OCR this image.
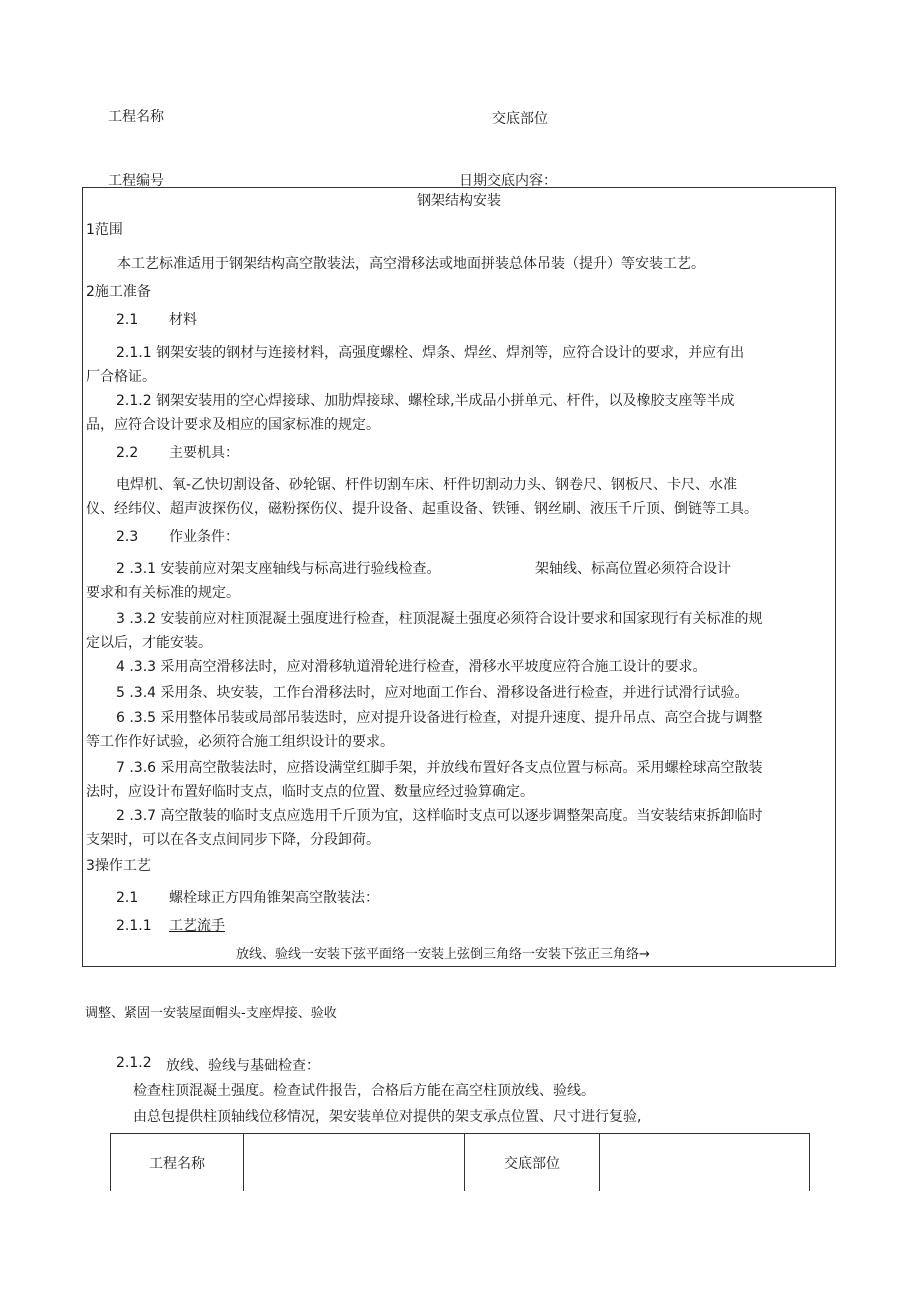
工程名称	交底部位
工程编号	日期交底内容：
钢架结构安装
1范围
本工艺标准适用于钢架结构高空散装法，高空滑移法或地面拼装总体吊装（提升）等安装工艺。
2施工准备
2.1 材料
2.1.1 钢架安装的钢材与连接材料，高强度螺栓、焊条、焊丝、焊剂等，应符合设计的要求，并应有出
厂合格证。
2.1.2 钢架安装用的空心焊接球、加肋焊接球、螺栓球,半成品小拼单元、杆件，以及橡胶支座等半成
品，应符合设计要求及相应的国家标准的规定。
2.2 主要机具：
电焊机、氧-乙快切割设备、砂轮锯、杆件切割车床、杆件切割动力头、钢卷尺、钢板尺、卡尺、水准
仪、经纬仪、超声波探伤仪，磁粉探伤仪、提升设备、起重设备、铁锤、钢丝刷、液压千斤顶、倒链等工具。
2.3 作业条件：
2 .3.1 安装前应对架支座轴线与标高进行验线检查。	架轴线、标高位置必须符合设计
要求和有关标准的规定。
3 .3.2 安装前应对柱顶混凝土强度进行检查，柱顶混凝土强度必须符合设计要求和国家现行有关标准的规
定以后，才能安装。
4 .3.3 采用高空滑移法时，应对滑移轨道滑轮进行检查，滑移水平坡度应符合施工设计的要求。
5 .3.4 采用条、块安装，工作台滑移法时，应对地面工作台、滑移设备进行检查，并进行试滑行试验。
6 .3.5 采用整体吊装或局部吊装迭时，应对提升设备进行检查，对提升速度、提升吊点、高空合拢与调整
等工作作好试验，必须符合施工组织设计的要求。
7 .3.6 采用高空散装法时，应搭设满堂红脚手架，并放线布置好各支点位置与标高。采用螺栓球高空散装
法时，应设计布置好临时支点，临时支点的位置、数量应经过验算确定。
2 .3.7 高空散装的临时支点应选用千斤顶为宜，这样临时支点可以逐步调整架高度。当安装结束拆卸临时
支架时，可以在各支点间同步下降，分段卸荷。
3操作工艺
2.1 螺栓球正方四角锥架高空散装法：
2.1.1 工艺流手
放线、验线一安装下弦平面络一安装上弦倒三角络一安装下弦正三角络→
调整、紧固一安装屋面帽头-支座焊接、验收
2.1.2 放线、验线与基础检查：
检查柱顶混凝土强度。检查试件报告，合格后方能在高空柱顶放线、验线。
由总包提供柱顶轴线位移情况，架安装单位对提供的架支承点位置、尺寸进行复验,
工程名称		交底部位	
